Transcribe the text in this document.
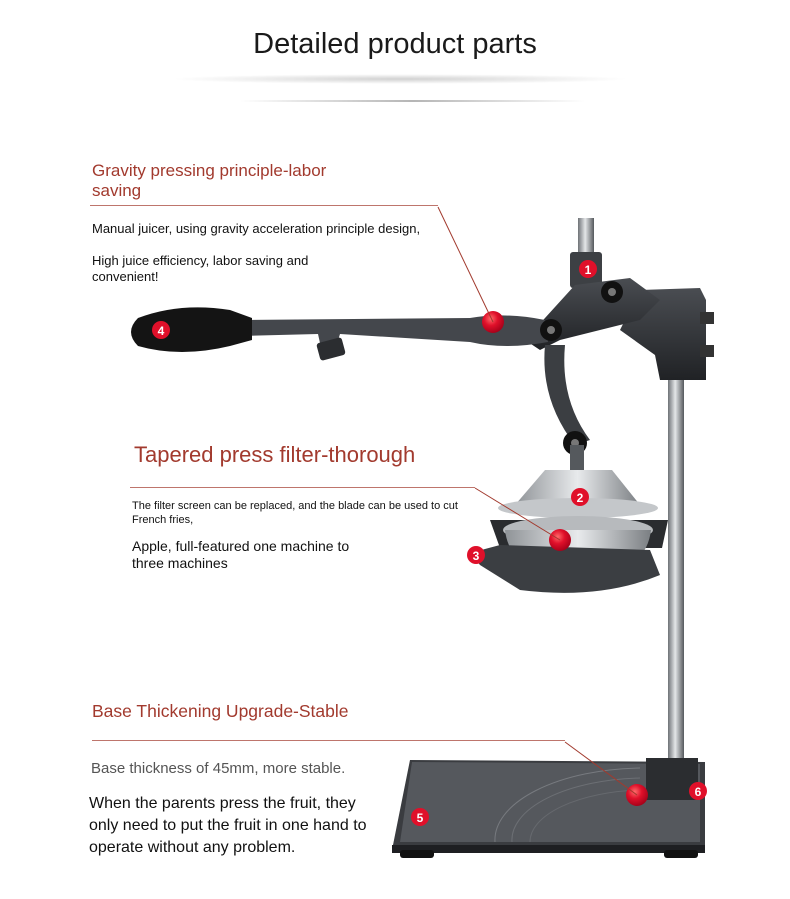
Detailed product parts
1
2
3
4
5
6
Gravity pressing principle-labor saving
Manual juicer, using gravity acceleration principle design,
High juice efficiency, labor saving and convenient!
Tapered press filter-thorough
The filter screen can be replaced, and the blade can be used to cut French fries,
Apple, full-featured one machine to three machines
Base Thickening Upgrade-Stable
Base thickness of 45mm, more stable.
When the parents press the fruit, they only need to put the fruit in one hand to operate without any problem.
